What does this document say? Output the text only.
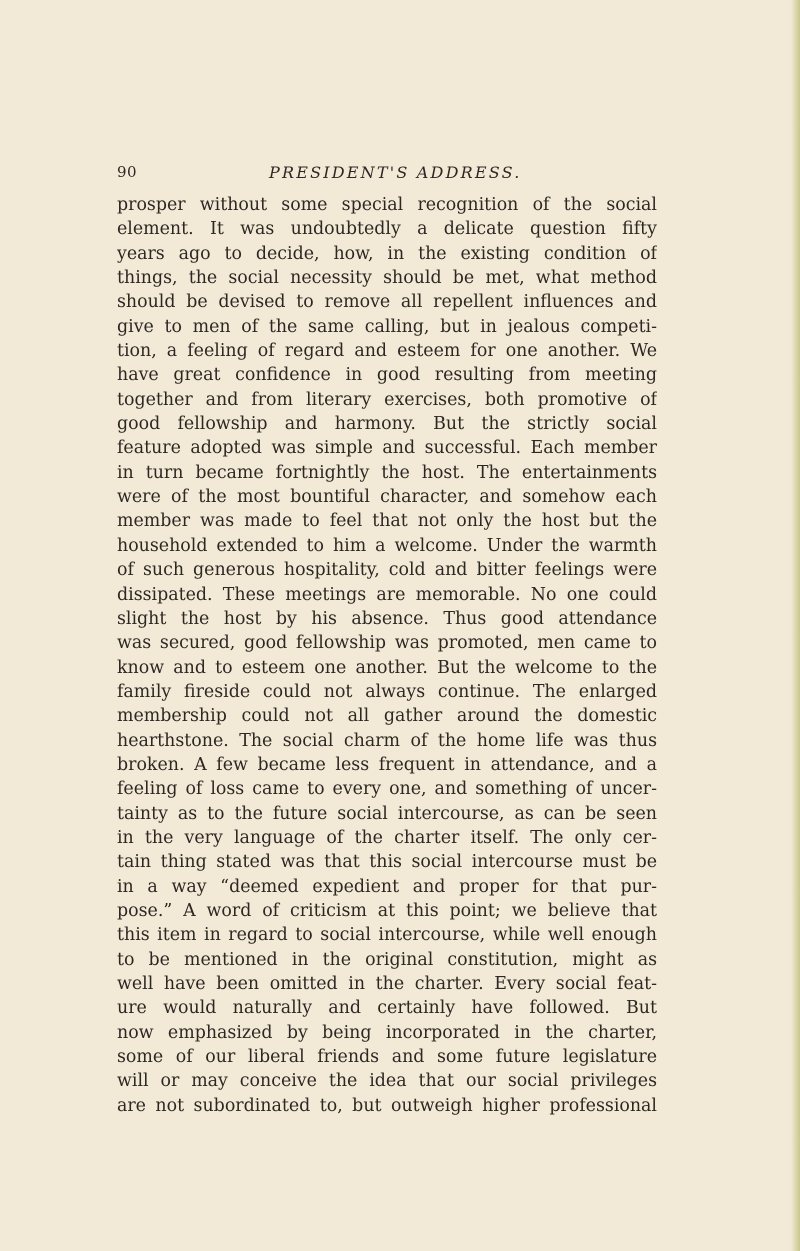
90	PRESIDENT'S ADDRESS.
prosper without some special recognition of the social
element. It was undoubtedly a delicate question fifty
years ago to decide, how, in the existing condition of
things, the social necessity should be met, what method
should be devised to remove all repellent influences and
give to men of the same calling, but in jealous competi-
tion, a feeling of regard and esteem for one another. We
have great confidence in good resulting from meeting
together and from literary exercises, both promotive of
good fellowship and harmony. But the strictly social
feature adopted was simple and successful. Each member
in turn became fortnightly the host. The entertainments
were of the most bountiful character, and somehow each
member was made to feel that not only the host but the
household extended to him a welcome. Under the warmth
of such generous hospitality, cold and bitter feelings were
dissipated. These meetings are memorable. No one could
slight the host by his absence. Thus good attendance
was secured, good fellowship was promoted, men came to
know and to esteem one another. But the welcome to the
family fireside could not always continue. The enlarged
membership could not all gather around the domestic
hearthstone. The social charm of the home life was thus
broken. A few became less frequent in attendance, and a
feeling of loss came to every one, and something of uncer-
tainty as to the future social intercourse, as can be seen
in the very language of the charter itself. The only cer-
tain thing stated was that this social intercourse must be
in a way “deemed expedient and proper for that pur-
pose.” A word of criticism at this point; we believe that
this item in regard to social intercourse, while well enough
to be mentioned in the original constitution, might as
well have been omitted in the charter. Every social feat-
ure would naturally and certainly have followed. But
now emphasized by being incorporated in the charter,
some of our liberal friends and some future legislature
will or may conceive the idea that our social privileges
are not subordinated to, but outweigh higher professional
